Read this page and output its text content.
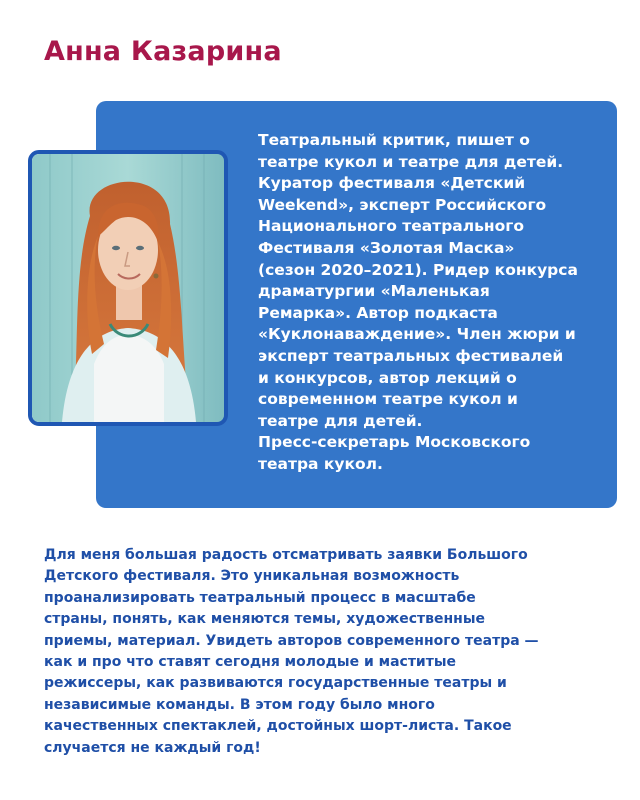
Анна Казарина

Театральный критик, пишет о
театре кукол и театре для детей.
Куратор фестиваля «Детский
Weekend», эксперт Российского
Национального театрального
Фестиваля «Золотая Маска»
(сезон 2020–2021). Ридер конкурса
драматургии «Маленькая
Ремарка». Автор подкаста
«Куклонаваждение». Член жюри и
эксперт театральных фестивалей
и конкурсов, автор лекций о
современном театре кукол и
театре для детей.
Пресс-секретарь Московского
театра кукол.

Для меня большая радость отсматривать заявки Большого
Детского фестиваля. Это уникальная возможность
проанализировать театральный процесс в масштабе
страны, понять, как меняются темы, художественные
приемы, материал. Увидеть авторов современного театра —
как и про что ставят сегодня молодые и маститые
режиссеры, как развиваются государственные театры и
независимые команды. В этом году было много
качественных спектаклей, достойных шорт-листа. Такое
случается не каждый год!
